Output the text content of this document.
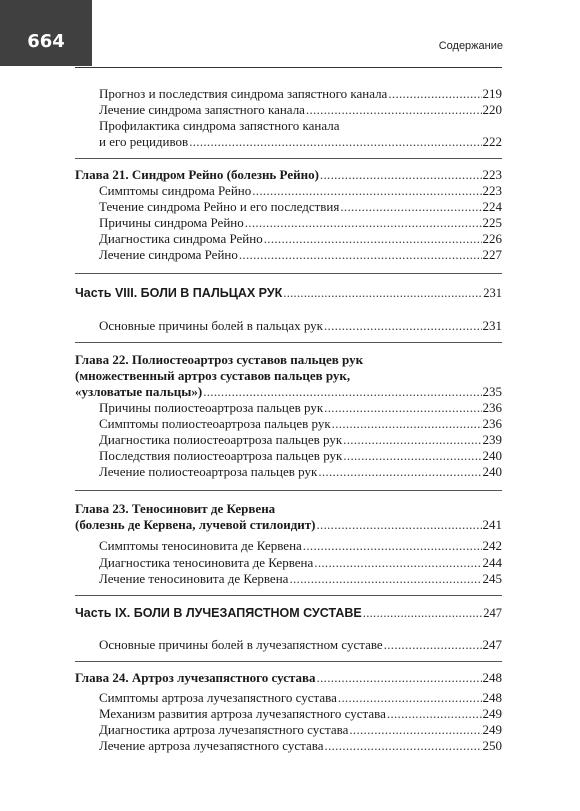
664	Содержание
Прогноз и последствия синдрома запястного канала .....	219
Лечение синдрома запястного канала .....	220
Профилактика синдрома запястного канала
и его рецидивов .....	222
Глава 21. Синдром Рейно (болезнь Рейно) .....	223
Симптомы синдрома Рейно .....	223
Течение синдрома Рейно и его последствия .....	224
Причины синдрома Рейно .....	225
Диагностика синдрома Рейно .....	226
Лечение синдрома Рейно .....	227
Часть VIII. БОЛИ В ПАЛЬЦАХ РУК .....	231
Основные причины болей в пальцах рук .....	231
Глава 22. Полиостеоартроз суставов пальцев рук
(множественный артроз суставов пальцев рук,
«узловатые пальцы») .....	235
Причины полиостеоартроза пальцев рук .....	236
Симптомы полиостеоартроза пальцев рук .....	236
Диагностика полиостеоартроза пальцев рук .....	239
Последствия полиостеоартроза пальцев рук .....	240
Лечение полиостеоартроза пальцев рук .....	240
Глава 23. Теносиновит де Кервена
(болезнь де Кервена, лучевой стилоидит) .....	241
Симптомы теносиновита де Кервена .....	242
Диагностика теносиновита де Кервена .....	244
Лечение теносиновита де Кервена .....	245
Часть IX. БОЛИ В ЛУЧЕЗАПЯСТНОМ СУСТАВЕ .....	247
Основные причины болей в лучезапястном суставе .....	247
Глава 24. Артроз лучезапястного сустава .....	248
Симптомы артроза лучезапястного сустава .....	248
Механизм развития артроза лучезапястного сустава .....	249
Диагностика артроза лучезапястного сустава .....	249
Лечение артроза лучезапястного сустава .....	250
